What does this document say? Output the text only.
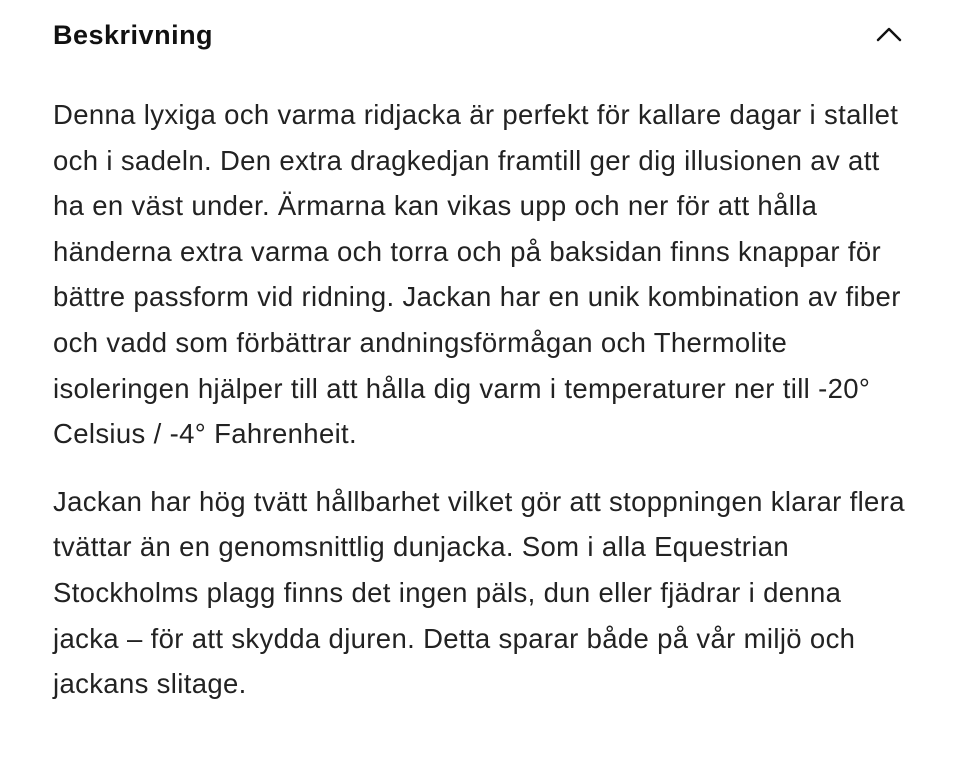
Beskrivning

Denna lyxiga och varma ridjacka är perfekt för kallare dagar i stallet och i sadeln. Den extra dragkedjan framtill ger dig illusionen av att ha en väst under. Ärmarna kan vikas upp och ner för att hålla händerna extra varma och torra och på baksidan finns knappar för bättre passform vid ridning. Jackan har en unik kombination av fiber och vadd som förbättrar andningsförmågan och Thermolite isoleringen hjälper till att hålla dig varm i temperaturer ner till -20° Celsius / -4° Fahrenheit.

Jackan har hög tvätt hållbarhet vilket gör att stoppningen klarar flera tvättar än en genomsnittlig dunjacka. Som i alla Equestrian Stockholms plagg finns det ingen päls, dun eller fjädrar i denna jacka – för att skydda djuren. Detta sparar både på vår miljö och jackans slitage.
